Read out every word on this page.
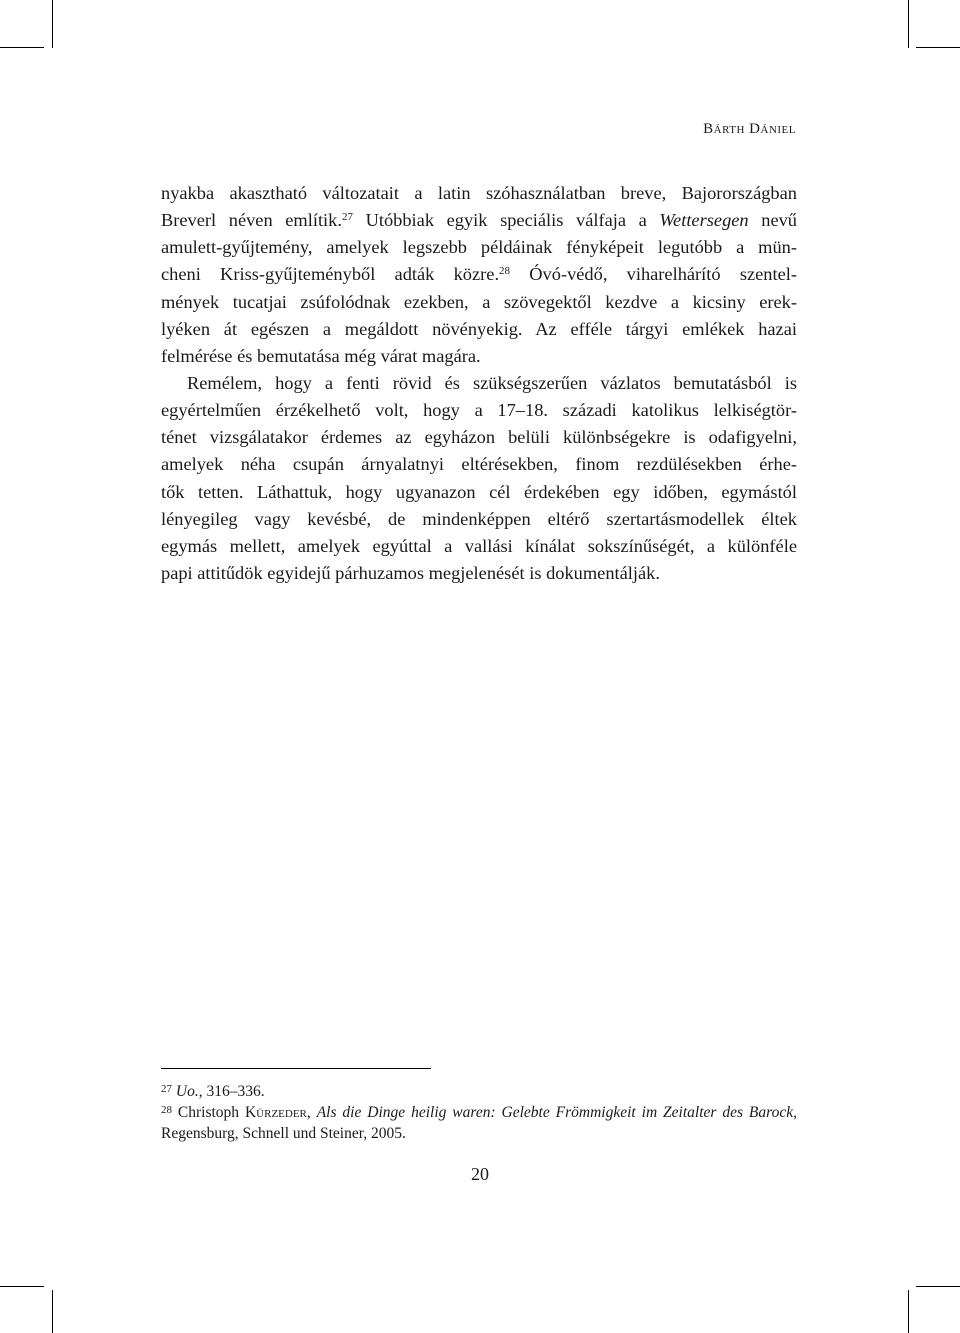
Bárth Dániel
nyakba akasztható változatait a latin szóhasználatban breve, Bajorországban
Breverl néven említik.$^{27}$ Utóbbiak egyik speciális válfaja a Wettersegen nevű
amulett-gyűjtemény, amelyek legszebb példáinak fényképeit legutóbb a mün-
cheni Kriss-gyűjteményből adták közre.$^{28}$ Óvó-védő, viharelhárító szentel-
mények tucatjai zsúfolódnak ezekben, a szövegektől kezdve a kicsiny erek-
lyéken át egészen a megáldott növényekig. Az efféle tárgyi emlékek hazai
felmérése és bemutatása még várat magára.
Remélem, hogy a fenti rövid és szükségszerűen vázlatos bemutatásból is
egyértelműen érzékelhető volt, hogy a 17–18. századi katolikus lelkiségtör-
ténet vizsgálatakor érdemes az egyházon belüli különbségekre is odafigyelni,
amelyek néha csupán árnyalatnyi eltérésekben, finom rezdülésekben érhe-
tők tetten. Láthattuk, hogy ugyanazon cél érdekében egy időben, egymástól
lényegileg vagy kevésbé, de mindenképpen eltérő szertartásmodellek éltek
egymás mellett, amelyek egyúttal a vallási kínálat sokszínűségét, a különféle
papi attitűdök egyidejű párhuzamos megjelenését is dokumentálják.
$^{27}$ Uo., 316–336.
$^{28}$ Christoph Kürzeder, Als die Dinge heilig waren: Gelebte Frömmigkeit im Zeitalter des Barock,
Regensburg, Schnell und Steiner, 2005.
20
